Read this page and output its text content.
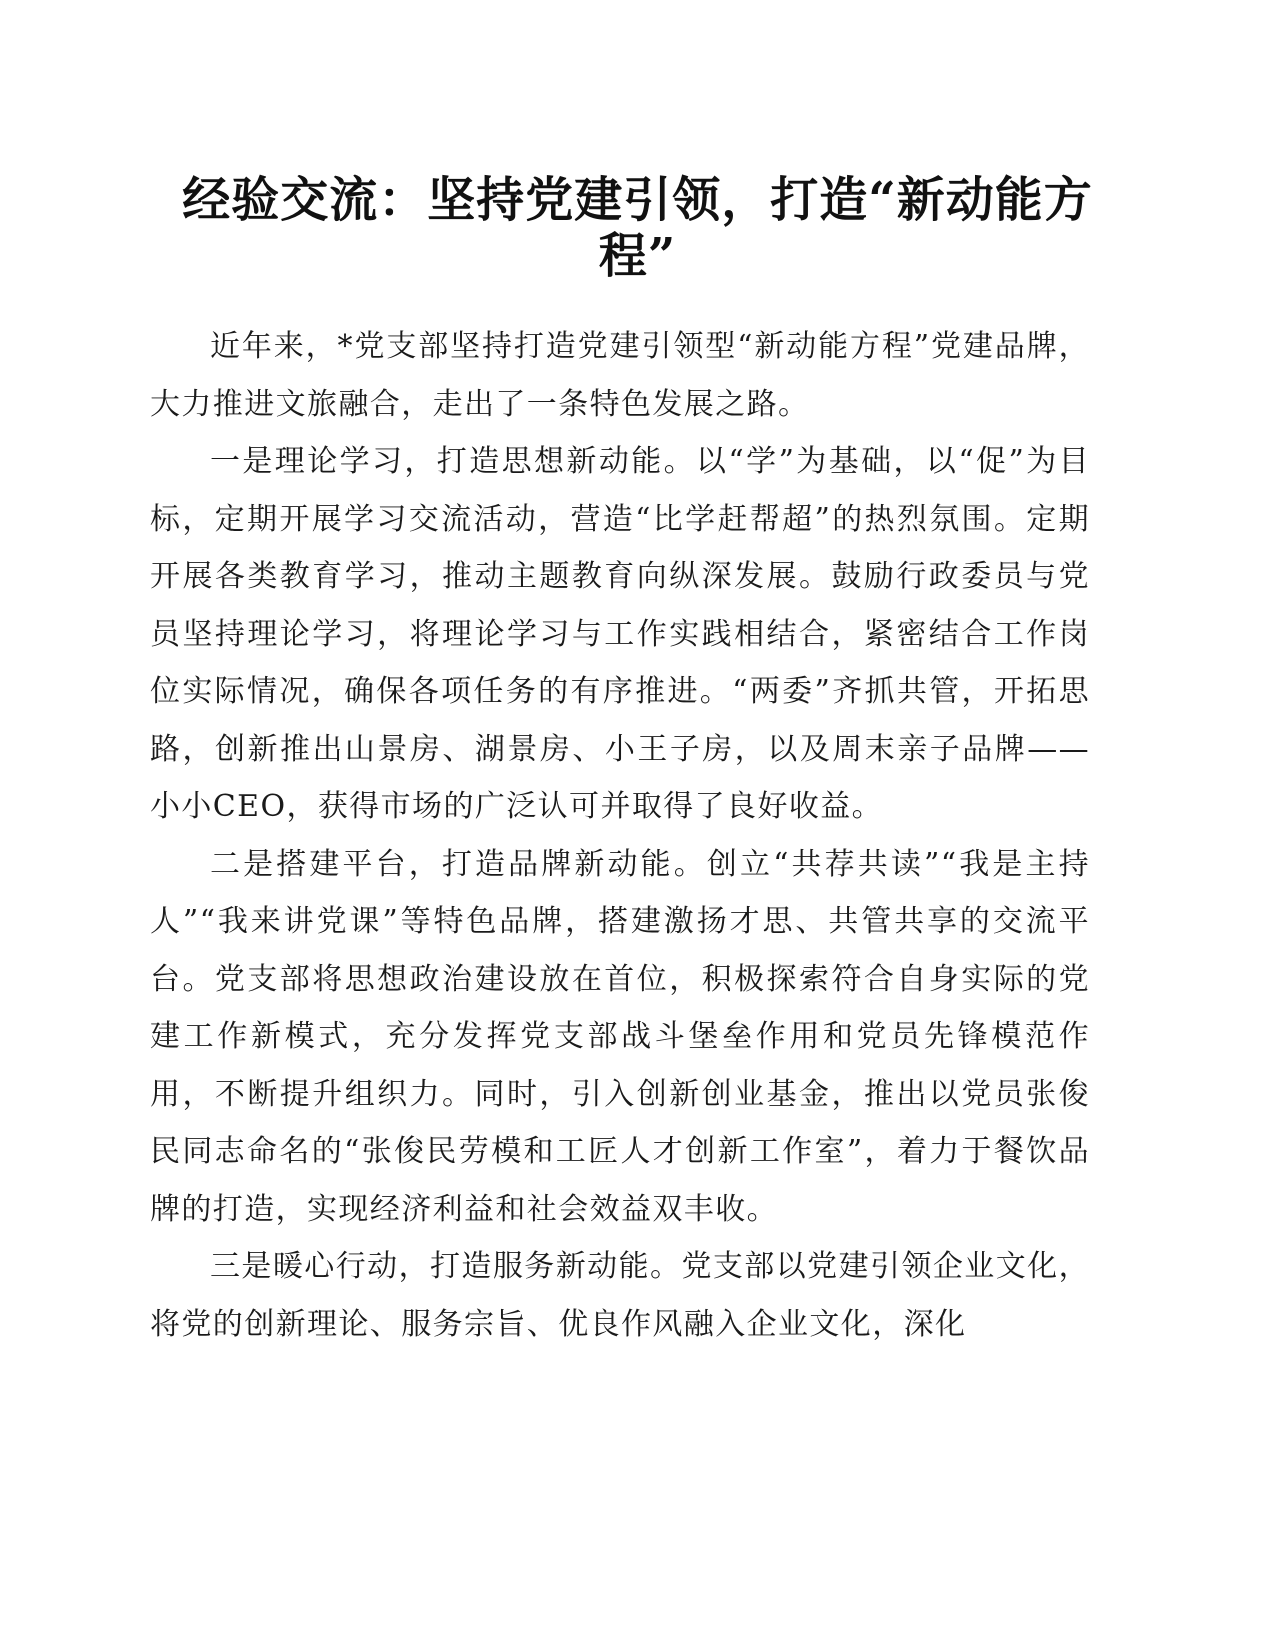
经验交流：坚持党建引领，打造“新动能方程”

近年来，*党支部坚持打造党建引领型“新动能方程”党建品牌，大力推进文旅融合，走出了一条特色发展之路。

一是理论学习，打造思想新动能。以“学”为基础，以“促”为目标，定期开展学习交流活动，营造“比学赶帮超”的热烈氛围。定期开展各类教育学习，推动主题教育向纵深发展。鼓励行政委员与党员坚持理论学习，将理论学习与工作实践相结合，紧密结合工作岗位实际情况，确保各项任务的有序推进。“两委”齐抓共管，开拓思路，创新推出山景房、湖景房、小王子房，以及周末亲子品牌——小小CEO，获得市场的广泛认可并取得了良好收益。

二是搭建平台，打造品牌新动能。创立“共荐共读”“我是主持人”“我来讲党课”等特色品牌，搭建激扬才思、共管共享的交流平台。党支部将思想政治建设放在首位，积极探索符合自身实际的党建工作新模式，充分发挥党支部战斗堡垒作用和党员先锋模范作用，不断提升组织力。同时，引入创新创业基金，推出以党员张俊民同志命名的“张俊民劳模和工匠人才创新工作室”，着力于餐饮品牌的打造，实现经济利益和社会效益双丰收。

三是暖心行动，打造服务新动能。党支部以党建引领企业文化，将党的创新理论、服务宗旨、优良作风融入企业文化，深化
